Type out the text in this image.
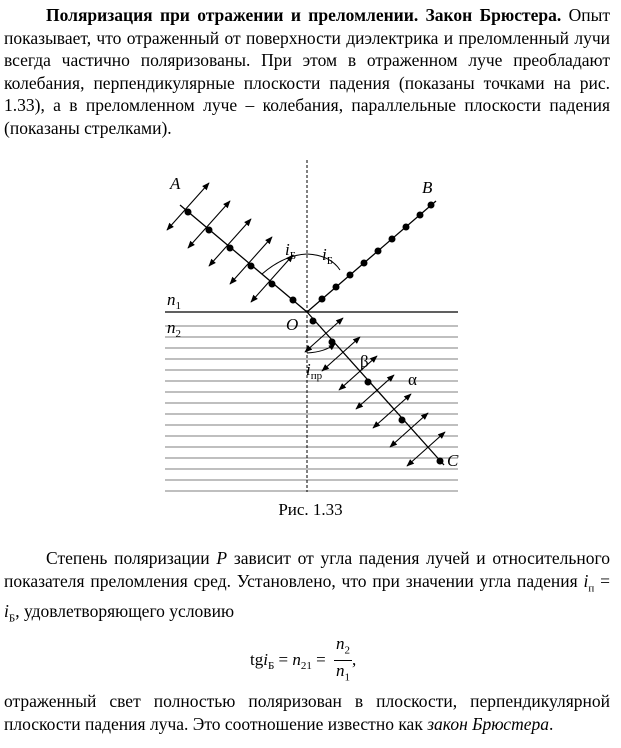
Поляризация при отражении и преломлении. Закон Брюстера. Опыт показывает, что отраженный от поверхности диэлектрика и преломленный лучи всегда частично поляризованы. При этом в отраженном луче преобладают колебания, перпендикулярные плоскости падения (показаны точками на рис. 1.33), а в преломленном луче – колебания, параллельные плоскости падения (показаны стрелками).
A	B
C
O
$n_1$
$n_2$
$i_Б$ $i_Б$
$i_{пр}$
β
α
Рис. 1.33
Степень поляризации P зависит от угла падения лучей и относительного показателя преломления сред. Установлено, что при значении угла падения $i_п = i_Б$, удовлетворяющего условию
$tgi_Б = n_{21} = \frac{n_2}{n_1}$ ,
отраженный свет полностью поляризован в плоскости, перпендикулярной плоскости падения луча. Это соотношение известно как закон Брюстера.
